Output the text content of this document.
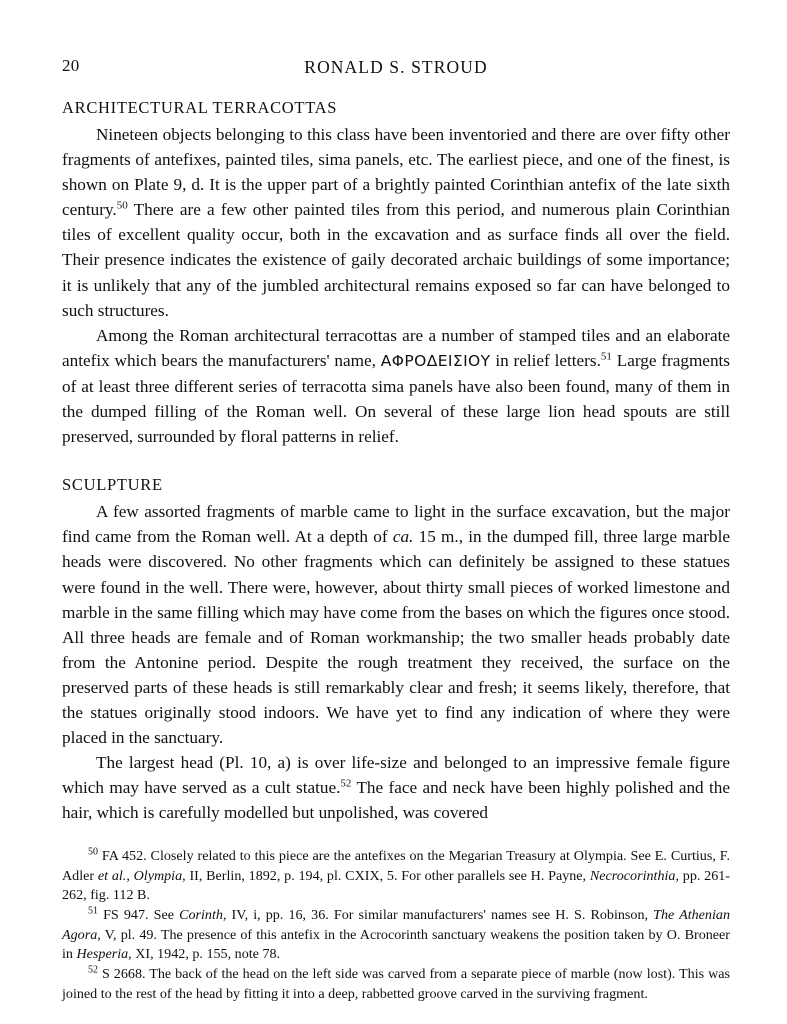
20	RONALD S. STROUD
ARCHITECTURAL TERRACOTTAS

Nineteen objects belonging to this class have been inventoried and there are over fifty other fragments of antefixes, painted tiles, sima panels, etc. The earliest piece, and one of the finest, is shown on Plate 9, d. It is the upper part of a brightly painted Corinthian antefix of the late sixth century.$^{50}$ There are a few other painted tiles from this period, and numerous plain Corinthian tiles of excellent quality occur, both in the excavation and as surface finds all over the field. Their presence indicates the existence of gaily decorated archaic buildings of some importance; it is unlikely that any of the jumbled architectural remains exposed so far can have belonged to such structures.

Among the Roman architectural terracottas are a number of stamped tiles and an elaborate antefix which bears the manufacturers' name, ΑΦΡΟΔΕΙΣΙΟΥ in relief letters.$^{51}$ Large fragments of at least three different series of terracotta sima panels have also been found, many of them in the dumped filling of the Roman well. On several of these large lion head spouts are still preserved, surrounded by floral patterns in relief.

SCULPTURE

A few assorted fragments of marble came to light in the surface excavation, but the major find came from the Roman well. At a depth of ca. 15 m., in the dumped fill, three large marble heads were discovered. No other fragments which can definitely be assigned to these statues were found in the well. There were, however, about thirty small pieces of worked limestone and marble in the same filling which may have come from the bases on which the figures once stood. All three heads are female and of Roman workmanship; the two smaller heads probably date from the Antonine period. Despite the rough treatment they received, the surface on the preserved parts of these heads is still remarkably clear and fresh; it seems likely, therefore, that the statues originally stood indoors. We have yet to find any indication of where they were placed in the sanctuary.

The largest head (Pl. 10, a) is over life-size and belonged to an impressive female figure which may have served as a cult statue.$^{52}$ The face and neck have been highly polished and the hair, which is carefully modelled but unpolished, was covered

$^{50}$ FA 452. Closely related to this piece are the antefixes on the Megarian Treasury at Olympia. See E. Curtius, F. Adler et al., Olympia, II, Berlin, 1892, p. 194, pl. CXIX, 5. For other parallels see H. Payne, Necrocorinthia, pp. 261-262, fig. 112 B.

$^{51}$ FS 947. See Corinth, IV, i, pp. 16, 36. For similar manufacturers' names see H. S. Robinson, The Athenian Agora, V, pl. 49. The presence of this antefix in the Acrocorinth sanctuary weakens the position taken by O. Broneer in Hesperia, XI, 1942, p. 155, note 78.

$^{52}$ S 2668. The back of the head on the left side was carved from a separate piece of marble (now lost). This was joined to the rest of the head by fitting it into a deep, rabbetted groove carved in the surviving fragment.
